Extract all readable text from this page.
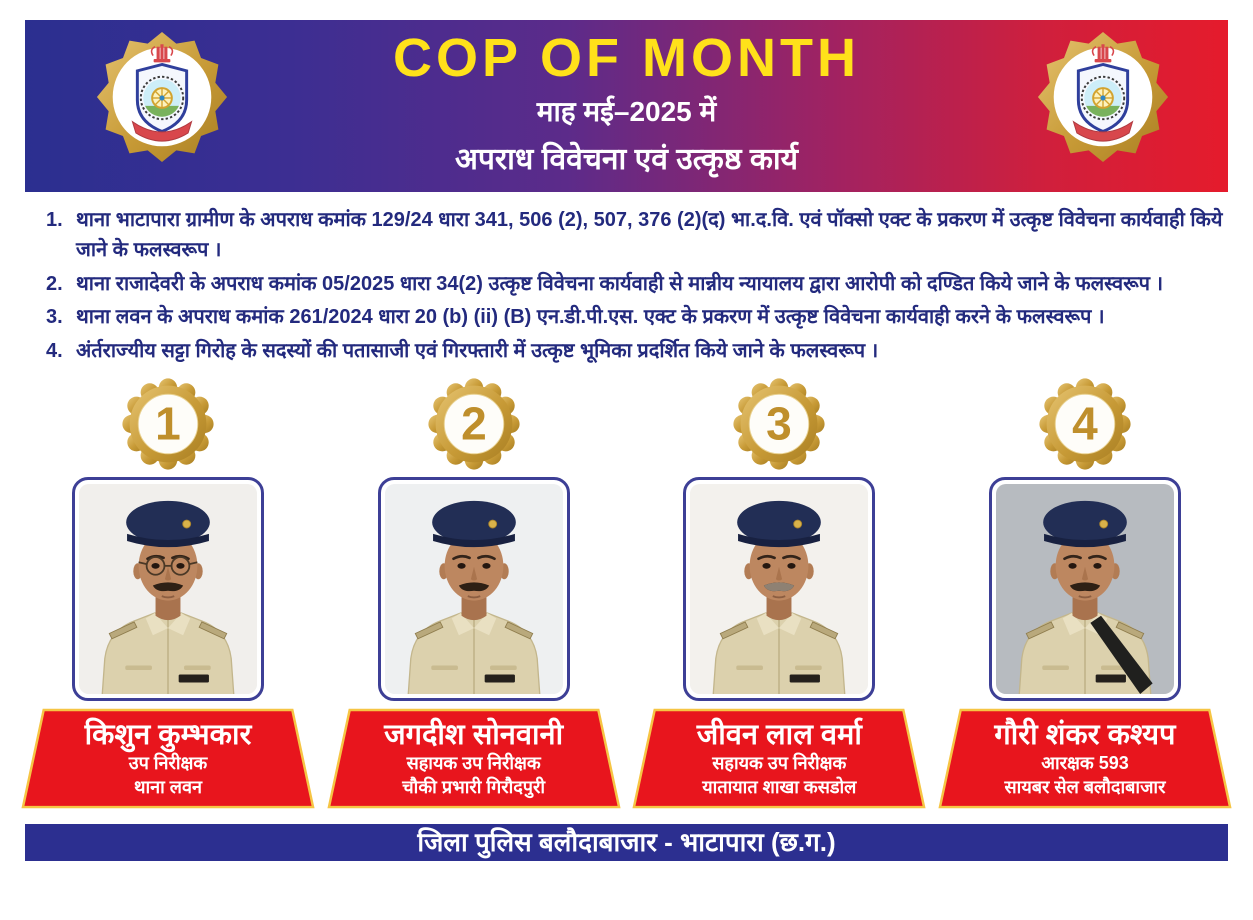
COP OF MONTH
माह मई–2025 में
अपराध विवेचना एवं उत्कृष्ठ कार्य
1. थाना भाटापारा ग्रामीण के अपराध कमांक 129/24 धारा 341, 506 (2), 507, 376 (2)(द) भा.द.वि. एवं पॉक्सो एक्ट के प्रकरण में उत्कृष्ट विवेचना कार्यवाही किये जाने के फलस्वरूप ।
2. थाना राजादेवरी के अपराध कमांक 05/2025 धारा 34(2) उत्कृष्ट विवेचना कार्यवाही से मान्नीय न्यायालय द्वारा आरोपी को दण्डित किये जाने के फलस्वरूप ।
3. थाना लवन के अपराध कमांक 261/2024 धारा 20 (b) (ii) (B) एन.डी.पी.एस. एक्ट के प्रकरण में उत्कृष्ट विवेचना कार्यवाही करने के फलस्वरूप ।
4. अंर्तराज्यीय सट्टा गिरोह के सदस्यों की पतासाजी एवं गिरफ्तारी में उत्कृष्ट भूमिका प्रदर्शित किये जाने के फलस्वरूप ।
1
किशुन कुम्भकार
उप निरीक्षक
थाना लवन
2
जगदीश सोनवानी
सहायक उप निरीक्षक
चौकी प्रभारी गिरौदपुरी
3
जीवन लाल वर्मा
सहायक उप निरीक्षक
यातायात शाखा कसडोल
4
गौरी शंकर कश्यप
आरक्षक 593
सायबर सेल बलौदाबाजार
जिला पुलिस बलौदाबाजार - भाटापारा (छ.ग.)
